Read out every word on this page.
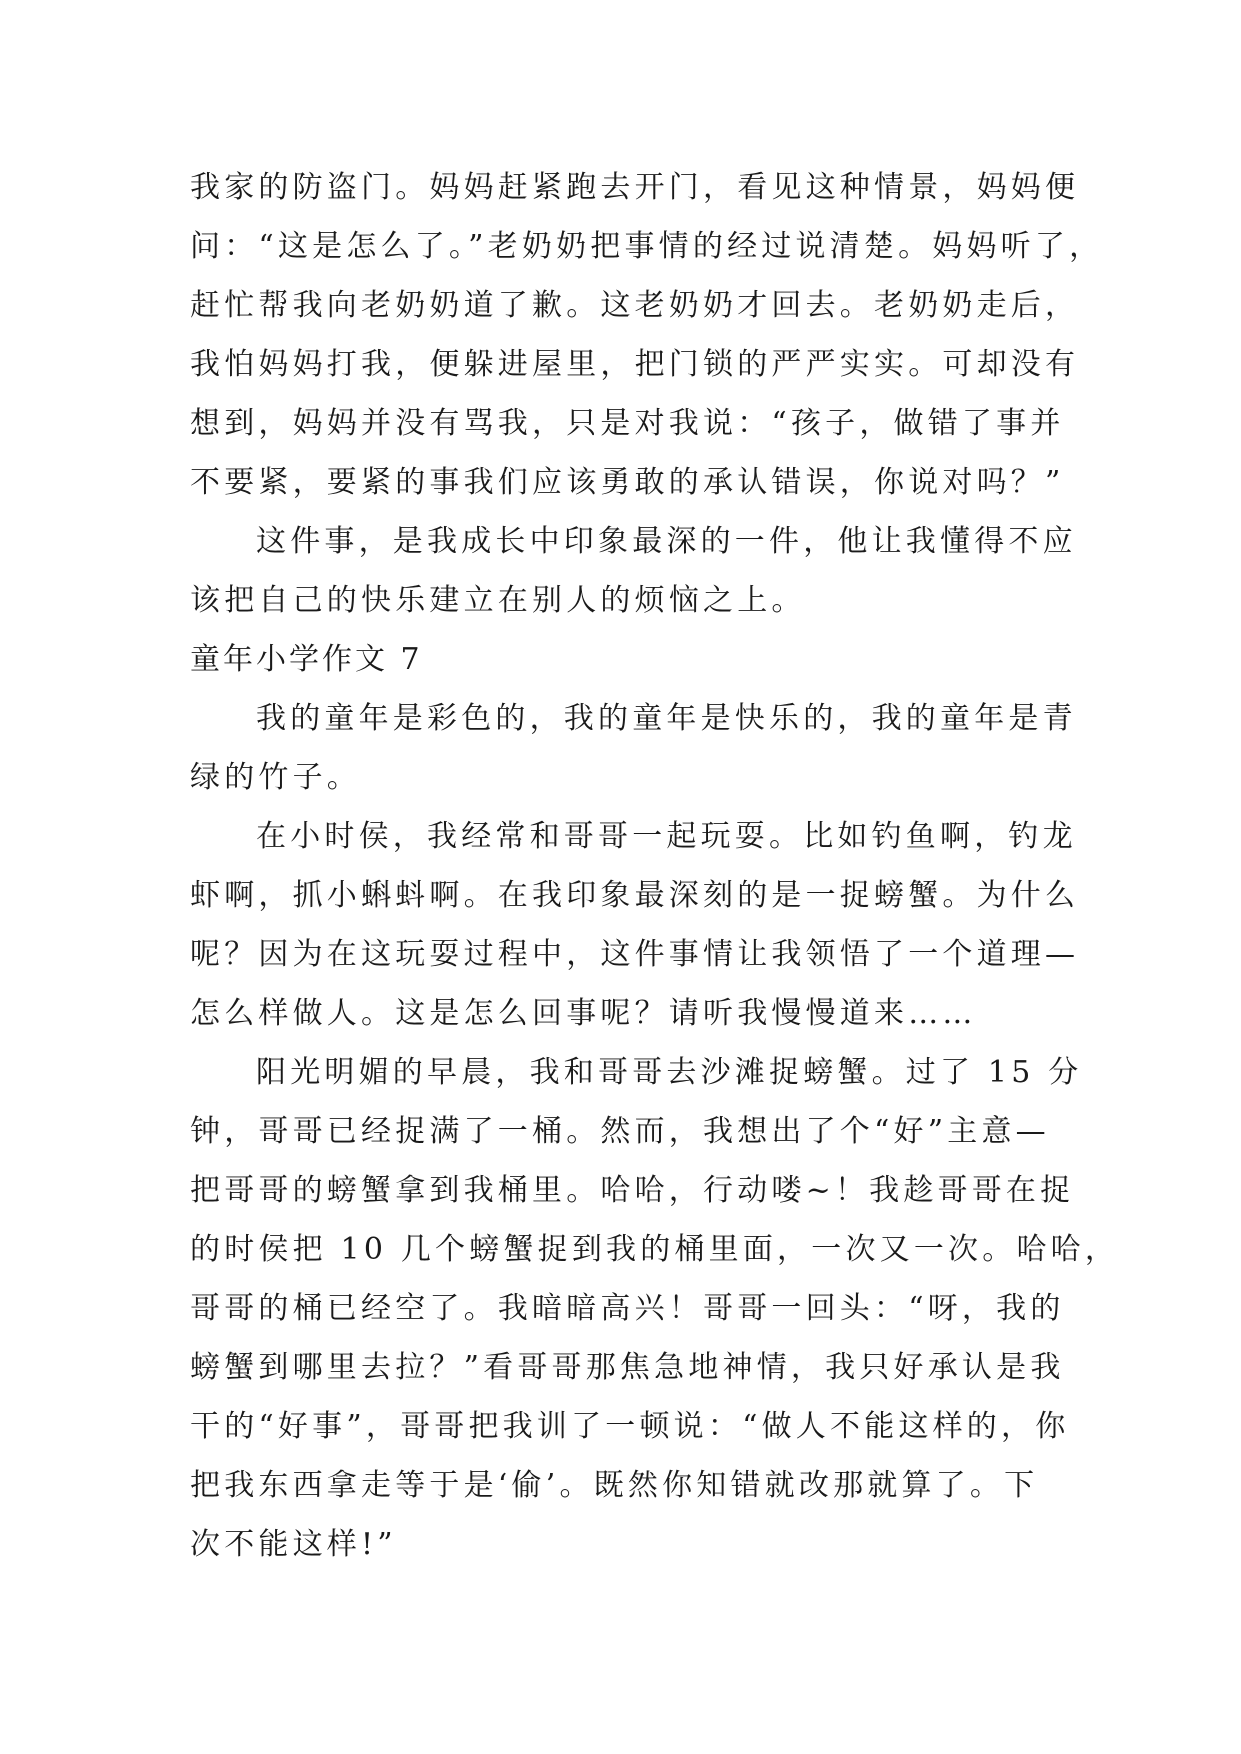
我家的防盗门。妈妈赶紧跑去开门，看见这种情景，妈妈便
问：“这是怎么了。”老奶奶把事情的经过说清楚。妈妈听了，
赶忙帮我向老奶奶道了歉。这老奶奶才回去。老奶奶走后，
我怕妈妈打我，便躲进屋里，把门锁的严严实实。可却没有
想到，妈妈并没有骂我，只是对我说：“孩子，做错了事并
不要紧，要紧的事我们应该勇敢的承认错误，你说对吗？”
这件事，是我成长中印象最深的一件，他让我懂得不应
该把自己的快乐建立在别人的烦恼之上。
童年小学作文 7
我的童年是彩色的，我的童年是快乐的，我的童年是青
绿的竹子。
在小时侯，我经常和哥哥一起玩耍。比如钓鱼啊，钓龙
虾啊，抓小蝌蚪啊。在我印象最深刻的是一捉螃蟹。为什么
呢？因为在这玩耍过程中，这件事情让我领悟了一个道理—
怎么样做人。这是怎么回事呢？请听我慢慢道来……
阳光明媚的早晨，我和哥哥去沙滩捉螃蟹。过了 15 分
钟，哥哥已经捉满了一桶。然而，我想出了个“好”主意—
把哥哥的螃蟹拿到我桶里。哈哈，行动喽~！我趁哥哥在捉
的时侯把 10 几个螃蟹捉到我的桶里面，一次又一次。哈哈，
哥哥的桶已经空了。我暗暗高兴！哥哥一回头：“呀，我的
螃蟹到哪里去拉？”看哥哥那焦急地神情，我只好承认是我
干的“好事”，哥哥把我训了一顿说：“做人不能这样的，你
把我东西拿走等于是‘偷’。既然你知错就改那就算了。下
次不能这样!”
